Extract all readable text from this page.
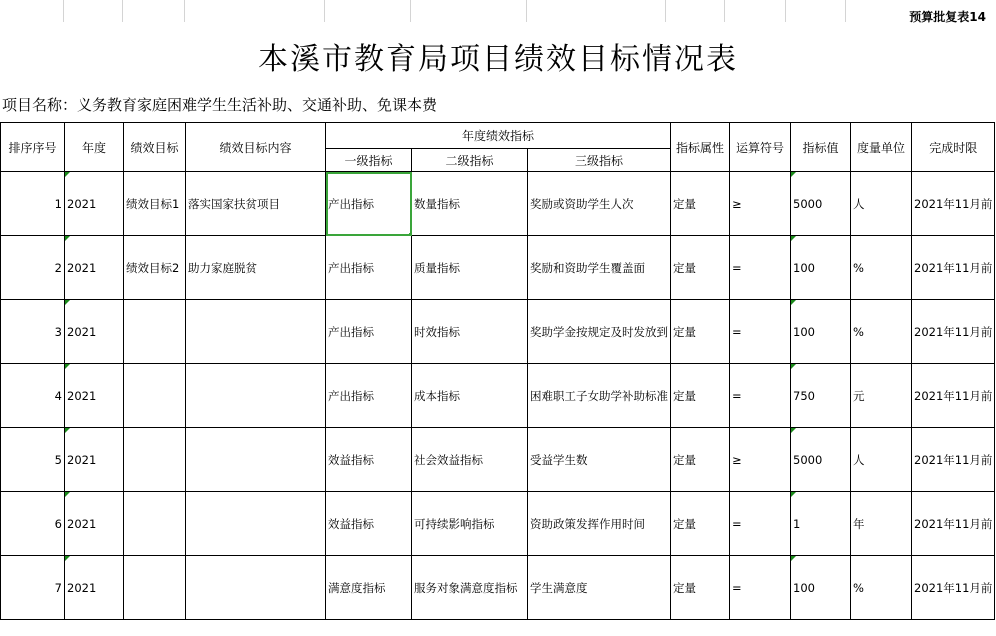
预算批复表14
本溪市教育局项目绩效目标情况表
项目名称：义务教育家庭困难学生生活补助、交通补助、免课本费
排序序号	年度	绩效目标	绩效目标内容	年度绩效指标			指标属性	运算符号	指标值	度量单位	完成时限
				一级指标	二级指标	三级指标					
1	2021	绩效目标1	落实国家扶贫项目	产出指标	数量指标	奖励或资助学生人次	定量	≥	5000	人	2021年11月前
2	2021	绩效目标2	助力家庭脱贫	产出指标	质量指标	奖励和资助学生覆盖面	定量	=	100	%	2021年11月前
3	2021			产出指标	时效指标	奖助学金按规定及时发放到	定量	=	100	%	2021年11月前
4	2021			产出指标	成本指标	困难职工子女助学补助标准	定量	=	750	元	2021年11月前
5	2021			效益指标	社会效益指标	受益学生数	定量	≥	5000	人	2021年11月前
6	2021			效益指标	可持续影响指标	资助政策发挥作用时间	定量	=	1	年	2021年11月前
7	2021			满意度指标	服务对象满意度指标	学生满意度	定量	=	100	%	2021年11月前
